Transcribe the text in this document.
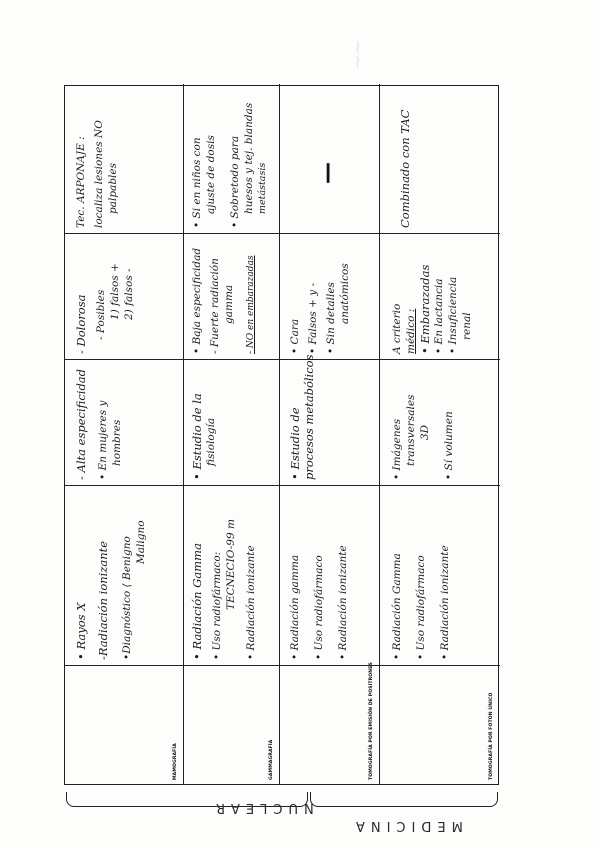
~~
MAMOGRAFÍA
• Rayos X -Radiación ionizante •Diagnóstico ⟨ Benigno Maligno
- Alta especificidad • En mujeres y hombres
- Dolorosa - Posibles 1) falsos + 2) falsos -
Tec. ARPONAJE : localiza lesiones NO palpables
GAMMAGRAFÍA
• Radiación Gamma • Uso radiofármaco: TECNECIO-99 m • Radiación ionizante
• Estudio de la fisiología
• Baja especificidad - Fuerte radiación gamma - NO en embarazadas
• Si en niños con ajuste de dosis • Sobretodo para huesos y tej. blandas metástasis
TOMOGRAFÍA POR EMISIÓN DE POSITRONES
• Radiación gamma • Uso radiofármaco • Radiación ionizante
• Estudio de procesos metabólicos
• Cara • Falsos + y - • Sin detalles anatómicos
—
TOMOGRAFÍA POR FOTÓN ÚNICO
• Radiación Gamma • Uso radiofármaco • Radiación ionizante
• Imágenes transversales 3D • Sí volumen
A criterio médico : • Embarazadas • En lactancia • Insuficiencia renal
Combinado con TAC
NUCLEAR
MEDICINA
